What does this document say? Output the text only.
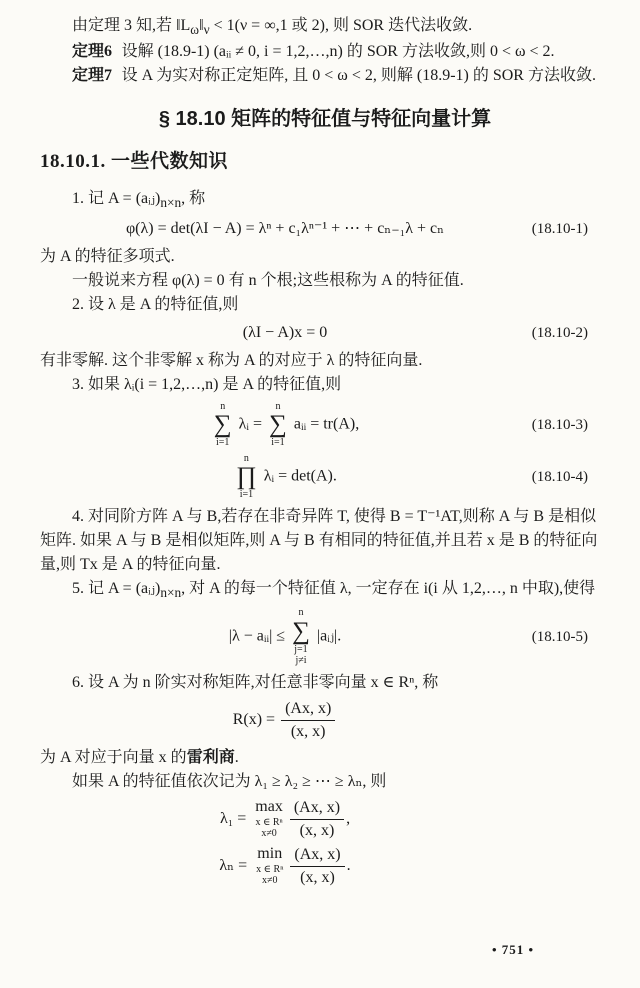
由定理 3 知,若 $‖L_\omega‖_\nu < 1(\nu = \infty,1$ 或 2), 则 SOR 迭代法收敛.

定理6 设解 (18.9-1) (aᵢᵢ ≠ 0, i = 1,2,…,n) 的 SOR 方法收敛,则 0 < ω < 2.

定理7 设 A 为实对称正定矩阵, 且 0 < ω < 2, 则解 (18.9-1) 的 SOR 方法收敛.

§ 18.10 矩阵的特征值与特征向量计算
18.10.1. 一些代数知识

1. 记 $A = (aᵢⱼ)_{n\times n}$, 称

φ(λ) = det(λI − A) = λⁿ + c₁λⁿ⁻¹ + ⋯ + cₙ₋₁λ + cₙ	(18.10-1)

为 A 的特征多项式.

一般说来方程 φ(λ) = 0 有 n 个根;这些根称为 A 的特征值.

2. 设 λ 是 A 的特征值,则

(λI − A)x = 0	(18.10-2)

有非零解. 这个非零解 x 称为 A 的对应于 λ 的特征向量.

3. 如果 λᵢ(i = 1,2,…,n) 是 A 的特征值,则

n
∑
i=1
λᵢ =
n
∑
i=1
aᵢᵢ = tr(A),	(18.10-3)
n
∏
i=1
λᵢ = det(A).	(18.10-4)

4. 对同阶方阵 A 与 B,若存在非奇异阵 T, 使得 B = T⁻¹AT,则称 A 与 B 是相似矩阵. 如果 A 与 B 是相似矩阵,则 A 与 B 有相同的特征值,并且若 x 是 B 的特征向量,则 Tx 是 A 的特征向量.

5. 记 $A = (aᵢⱼ)_{n\times n}$, 对 A 的每一个特征值 λ, 一定存在 i(i 从 1,2,…, n 中取),使得

|λ − aᵢᵢ| ≤
n
∑
j=1
j≠i
|aᵢⱼ|.	(18.10-5)

6. 设 A 为 n 阶实对称矩阵,对任意非零向量 x ∈ Rⁿ, 称

$R(x) = \frac{(Ax, x)}{(x, x)}$

为 A 对应于向量 x 的雷利商.

如果 A 的特征值依次记为 λ₁ ≥ λ₂ ≥ ⋯ ≥ λₙ, 则

λ₁ =
max
x ∈ Rⁿ
$x\ne 0 \frac{(Ax, x)}{(x, x)}$ ,
λₙ =
min
x ∈ Rⁿ
$x\ne 0 \frac{(Ax, x)}{(x, x)}$ .
• 751 •
